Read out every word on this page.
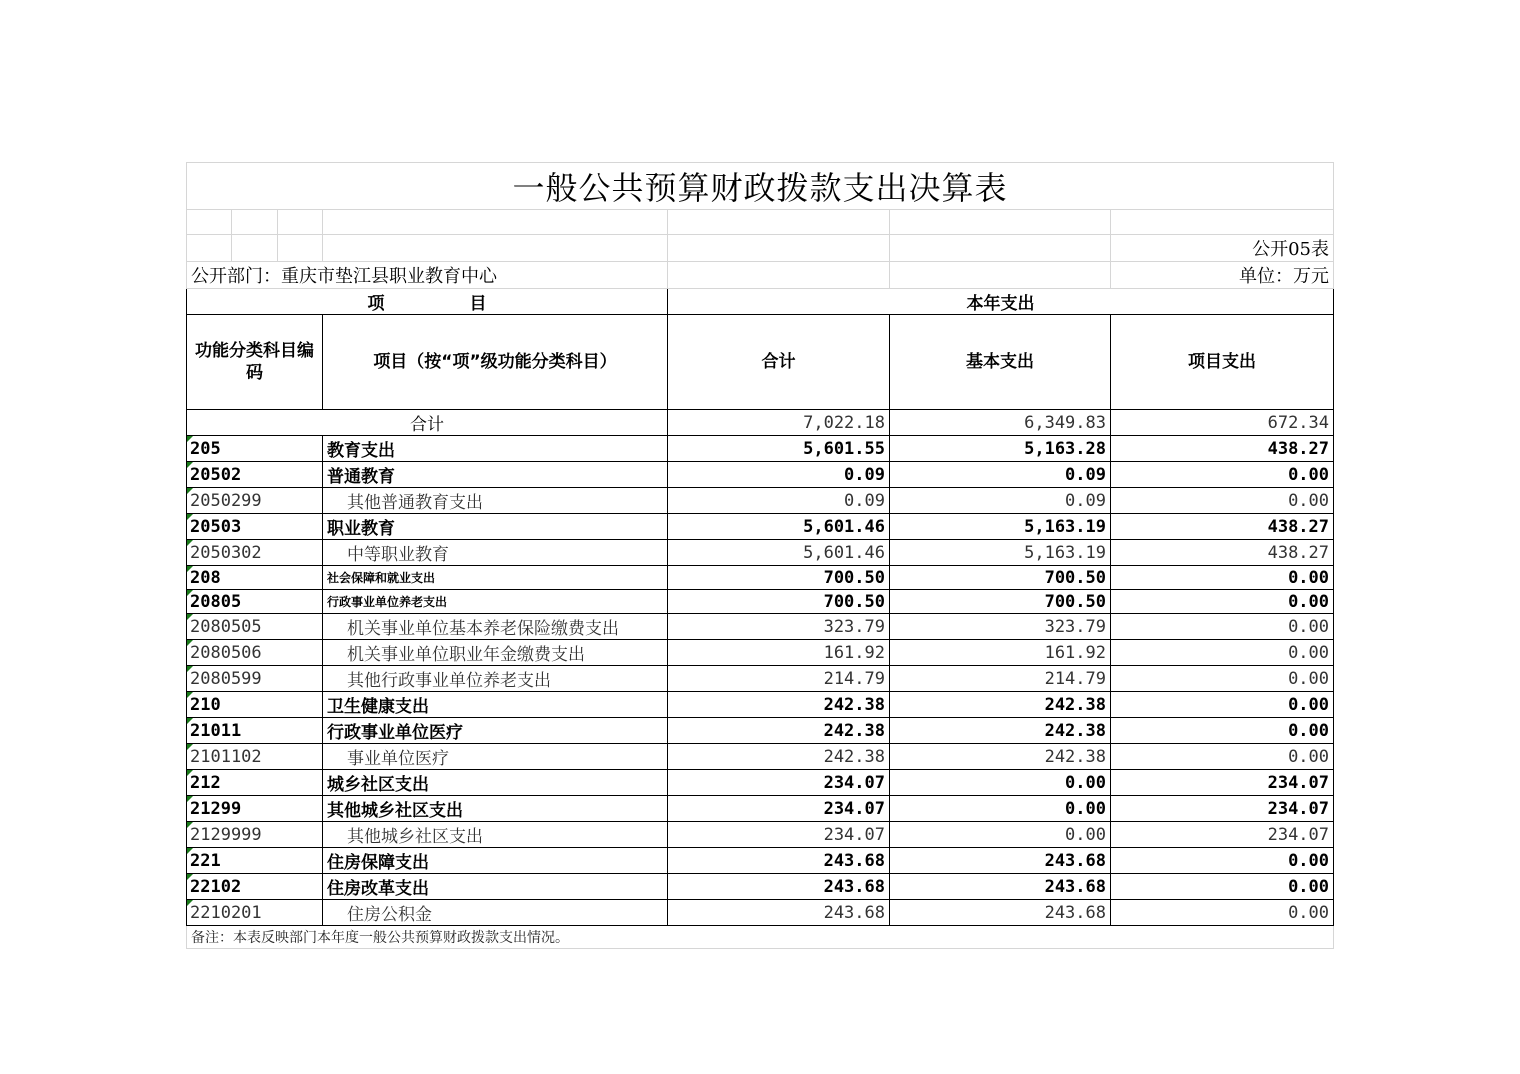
一般公共预算财政拨款支出决算表						

						公开05表
公开部门：重庆市垫江县职业教育中心						单位：万元
项　　　　　目				本年支出		
功能分类科目编码			项目（按“项”级功能分类科目）	合计	基本支出	项目支出
合计				7,022.18	6,349.83	672.34

205			教育支出	5,601.55	5,163.28	438.27

20502			普通教育	0.09	0.09	0.00

2050299			其他普通教育支出	0.09	0.09	0.00

20503			职业教育	5,601.46	5,163.19	438.27

2050302			中等职业教育	5,601.46	5,163.19	438.27

208			社会保障和就业支出	700.50	700.50	0.00

20805			行政事业单位养老支出	700.50	700.50	0.00

2080505			机关事业单位基本养老保险缴费支出	323.79	323.79	0.00

2080506			机关事业单位职业年金缴费支出	161.92	161.92	0.00

2080599			其他行政事业单位养老支出	214.79	214.79	0.00

210			卫生健康支出	242.38	242.38	0.00

21011			行政事业单位医疗	242.38	242.38	0.00

2101102			事业单位医疗	242.38	242.38	0.00

212			城乡社区支出	234.07	0.00	234.07

21299			其他城乡社区支出	234.07	0.00	234.07

2129999			其他城乡社区支出	234.07	0.00	234.07

221			住房保障支出	243.68	243.68	0.00

22102			住房改革支出	243.68	243.68	0.00

2210201			住房公积金	243.68	243.68	0.00
备注：本表反映部门本年度一般公共预算财政拨款支出情况。						
